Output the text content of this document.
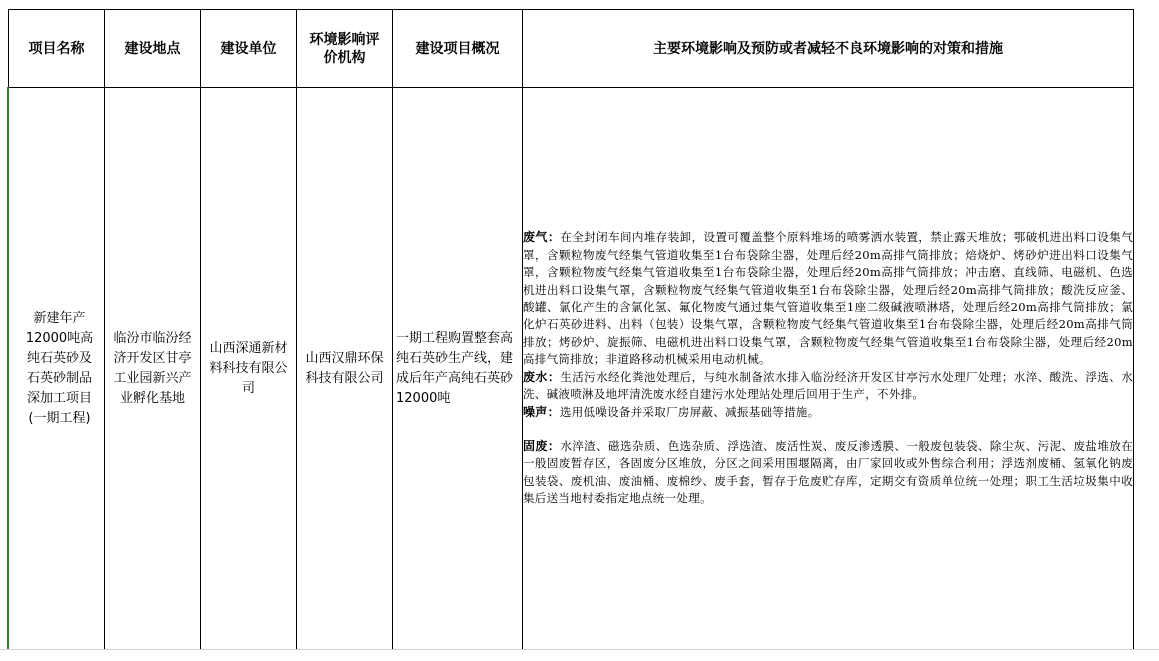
项目名称	建设地点	建设单位	环境影响评价机构	建设项目概况	主要环境影响及预防或者减轻不良环境影响的对策和措施
新建年产12000吨高纯石英砂及石英砂制品深加工项目(一期工程)	临汾市临汾经济开发区甘亭工业园新兴产业孵化基地	山西深通新材料科技有限公司	山西汉鼎环保科技有限公司	一期工程购置整套高纯石英砂生产线，建成后年产高纯石英砂12000吨	废气：在全封闭车间内堆存装卸，设置可覆盖整个原料堆场的喷雾洒水装置，禁止露天堆放；鄂破机进出料口设集气罩，含颗粒物废气经集气管道收集至1台布袋除尘器，处理后经20m高排气筒排放；焙烧炉、烤砂炉进出料口设集气罩，含颗粒物废气经集气管道收集至1台布袋除尘器，处理后经20m高排气筒排放；冲击磨、直线筛、电磁机、色选机进出料口设集气罩，含颗粒物废气经集气管道收集至1台布袋除尘器，处理后经20m高排气筒排放；酸洗反应釜、酸罐、氯化产生的含氯化氢、氟化物废气通过集气管道收集至1座二级碱液喷淋塔，处理后经20m高排气筒排放；氯化炉石英砂进料、出料（包装）设集气罩，含颗粒物废气经集气管道收集至1台布袋除尘器，处理后经20m高排气筒排放；烤砂炉、旋振筛、电磁机进出料口设集气罩，含颗粒物废气经集气管道收集至1台布袋除尘器，处理后经20m高排气筒排放；非道路移动机械采用电动机械。

废水：生活污水经化粪池处理后，与纯水制备浓水排入临汾经济开发区甘亭污水处理厂处理；水淬、酸洗、浮选、水洗、碱液喷淋及地坪清洗废水经自建污水处理站处理后回用于生产，不外排。

噪声：选用低噪设备并采取厂房屏蔽、减振基础等措施。

固废：水淬渣、磁选杂质、色选杂质、浮选渣、废活性炭、废反渗透膜、一般废包装袋、除尘灰、污泥、废盐堆放在一般固废暂存区，各固废分区堆放，分区之间采用围堰隔离，由厂家回收或外售综合利用；浮选剂废桶、氢氧化钠废包装袋、废机油、废油桶、废棉纱、废手套，暂存于危废贮存库，定期交有资质单位统一处理；职工生活垃圾集中收集后送当地村委指定地点统一处理。
